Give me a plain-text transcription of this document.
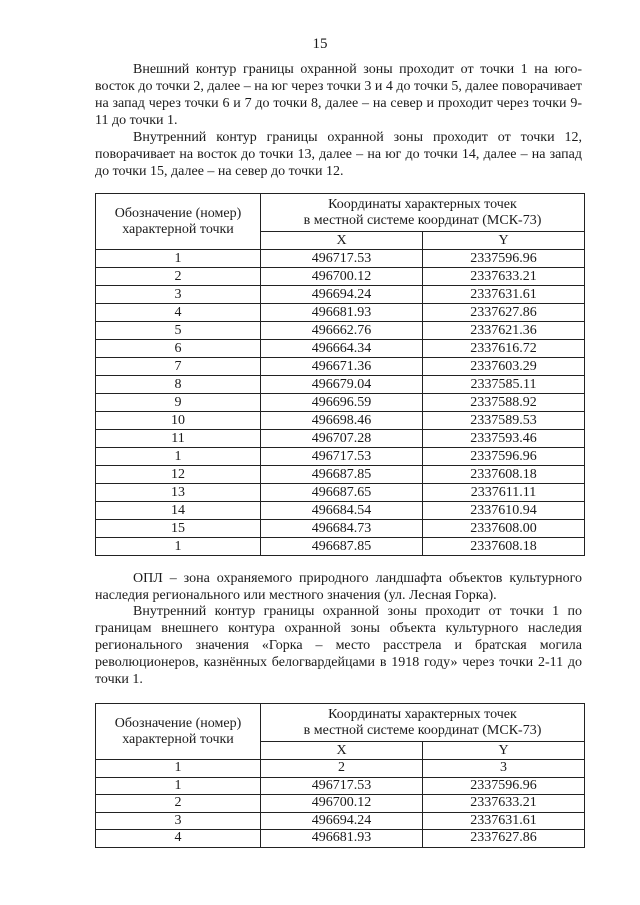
15

Внешний контур границы охранной зоны проходит от точки 1 на юго-восток до точки 2, далее – на юг через точки 3 и 4 до точки 5, далее поворачивает на запад через точки 6 и 7 до точки 8, далее – на север и проходит через точки 9-11 до точки 1.

Внутренний контур границы охранной зоны проходит от точки 12, поворачивает на восток до точки 13, далее – на юг до точки 14, далее – на запад до точки 15, далее – на север до точки 12.

Обозначение (номер)
характерной точки	Координаты характерных точек
в местной системе координат (МСК-73)	
	X	Y
1	496717.53	2337596.96
2	496700.12	2337633.21
3	496694.24	2337631.61
4	496681.93	2337627.86
5	496662.76	2337621.36
6	496664.34	2337616.72
7	496671.36	2337603.29
8	496679.04	2337585.11
9	496696.59	2337588.92
10	496698.46	2337589.53
11	496707.28	2337593.46
1	496717.53	2337596.96
12	496687.85	2337608.18
13	496687.65	2337611.11
14	496684.54	2337610.94
15	496684.73	2337608.00
1	496687.85	2337608.18

ОПЛ – зона охраняемого природного ландшафта объектов культурного наследия регионального или местного значения (ул. Лесная Горка).

Внутренний контур границы охранной зоны проходит от точки 1 по границам внешнего контура охранной зоны объекта культурного наследия регионального значения «Горка – место расстрела и братская могила революционеров, казнённых белогвардейцами в 1918 году» через точки 2-11 до точки 1.

Обозначение (номер)
характерной точки	Координаты характерных точек
в местной системе координат (МСК-73)	
	X	Y
1	2	3
1	496717.53	2337596.96
2	496700.12	2337633.21
3	496694.24	2337631.61
4	496681.93	2337627.86
